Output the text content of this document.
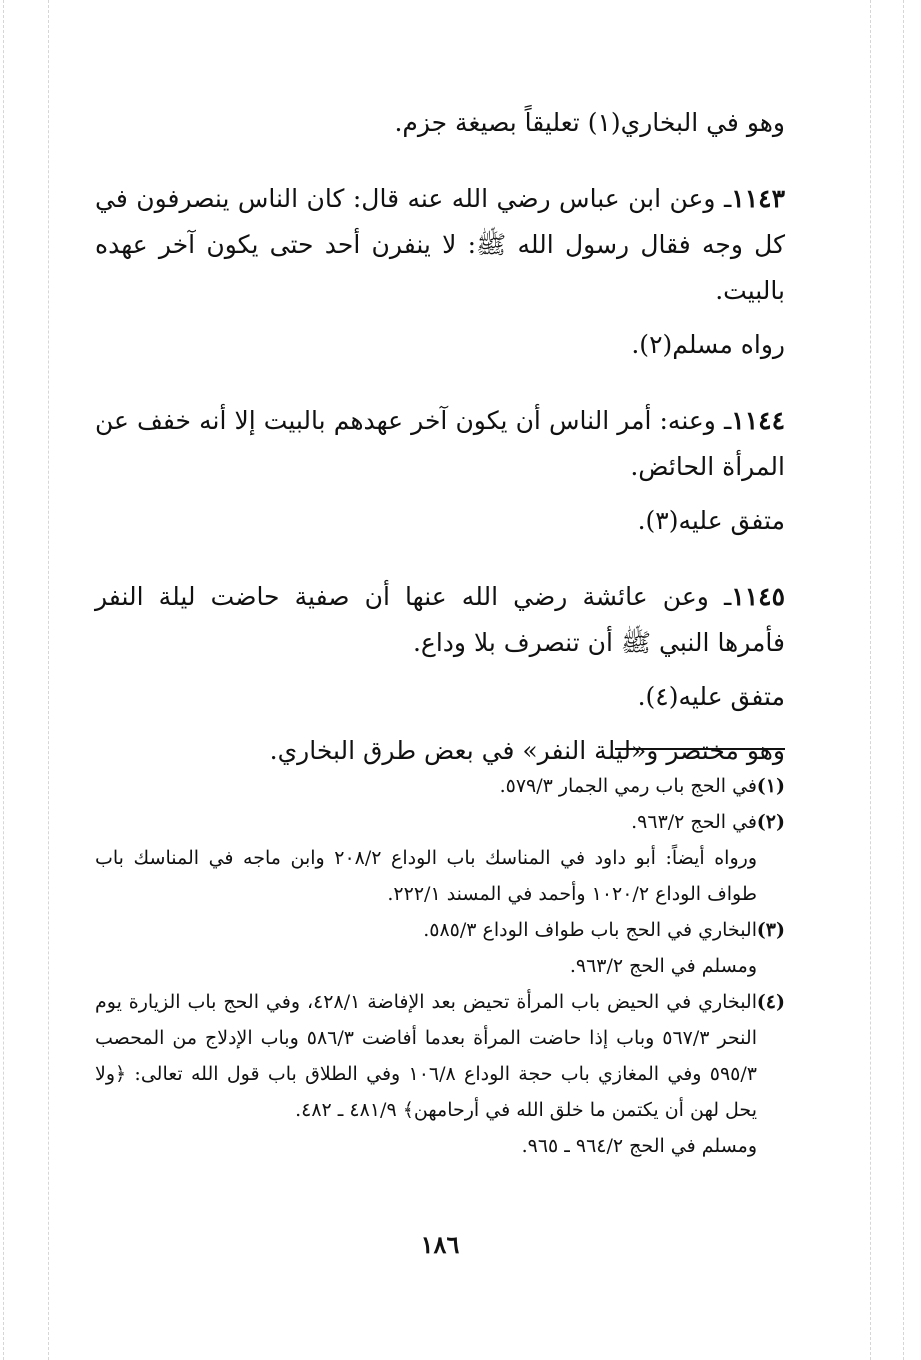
وهو في البخاري(١) تعليقاً بصيغة جزم.

١١٤٣ـ وعن ابن عباس رضي الله عنه قال: كان الناس ينصرفون في كل وجه فقال رسول الله ﷺ: لا ينفرن أحد حتى يكون آخر عهده بالبيت.

رواه مسلم(٢).

١١٤٤ـ وعنه: أمر الناس أن يكون آخر عهدهم بالبيت إلا أنه خفف عن المرأة الحائض.

متفق عليه(٣).

١١٤٥ـ وعن عائشة رضي الله عنها أن صفية حاضت ليلة النفر فأمرها النبي ﷺ أن تنصرف بلا وداع.

متفق عليه(٤).

وهو مختصر و«ليلة النفر» في بعض طرق البخاري.

(١)
في الحج باب رمي الجمار ٥٧٩/٣.
(٢)
في الحج ٩٦٣/٢.
ورواه أيضاً: أبو داود في المناسك باب الوداع ٢٠٨/٢ وابن ماجه في المناسك باب طواف الوداع ١٠٢٠/٢ وأحمد في المسند ٢٢٢/١.
(٣)
البخاري في الحج باب طواف الوداع ٥٨٥/٣.
ومسلم في الحج ٩٦٣/٢.
(٤)
البخاري في الحيض باب المرأة تحيض بعد الإفاضة ٤٢٨/١، وفي الحج باب الزيارة يوم النحر ٥٦٧/٣ وباب إذا حاضت المرأة بعدما أفاضت ٥٨٦/٣ وباب الإدلاج من المحصب ٥٩٥/٣ وفي المغازي باب حجة الوداع ١٠٦/٨ وفي الطلاق باب قول الله تعالى: ﴿ولا يحل لهن أن يكتمن ما خلق الله في أرحامهن﴾ ٤٨١/٩ ـ ٤٨٢.
ومسلم في الحج ٩٦٤/٢ ـ ٩٦٥.
١٨٦
